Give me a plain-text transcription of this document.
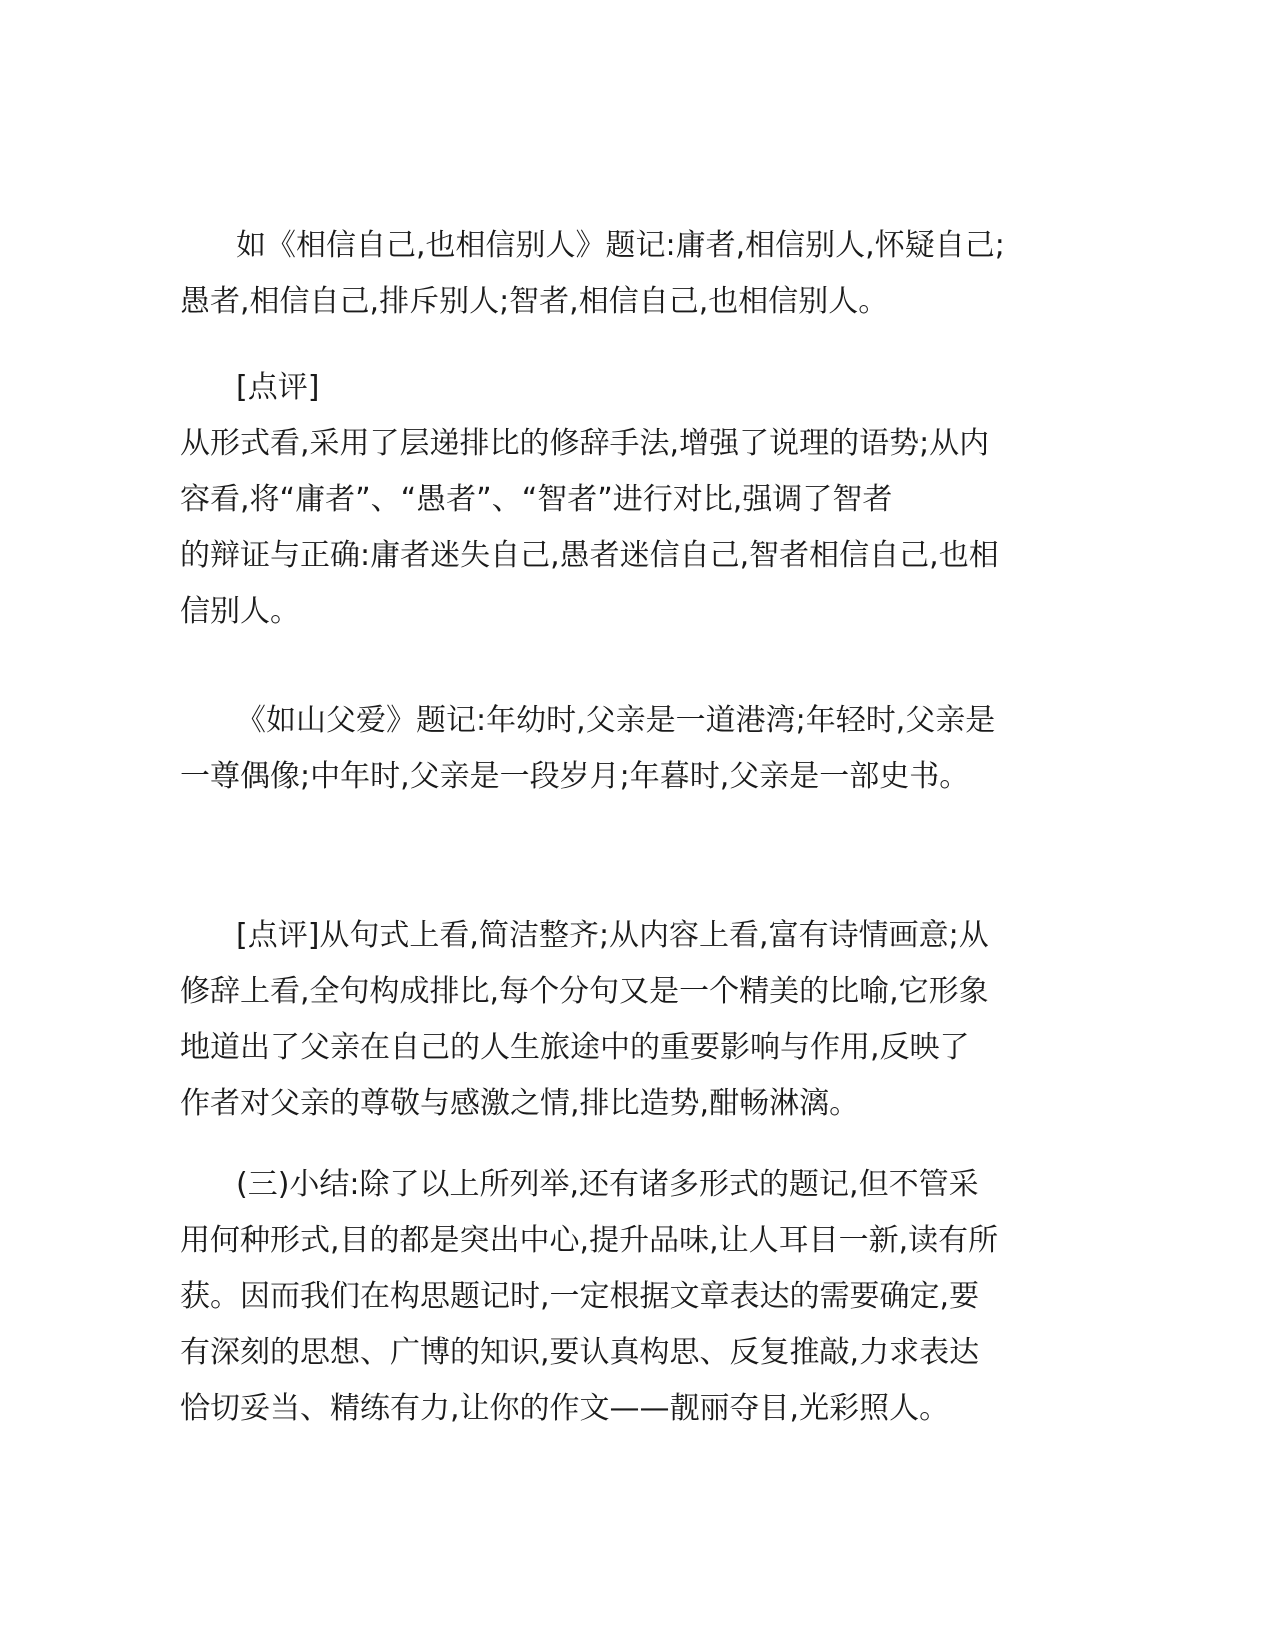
如《相信自己,也相信别人》题记:庸者,相信别人,怀疑自己;
愚者,相信自己,排斥别人;智者,相信自己,也相信别人。

[点评]
从形式看,采用了层递排比的修辞手法,增强了说理的语势;从内
容看,将“庸者”、“愚者”、“智者”进行对比,强调了智者
的辩证与正确:庸者迷失自己,愚者迷信自己,智者相信自己,也相
信别人。

《如山父爱》题记:年幼时,父亲是一道港湾;年轻时,父亲是
一尊偶像;中年时,父亲是一段岁月;年暮时,父亲是一部史书。

[点评]从句式上看,简洁整齐;从内容上看,富有诗情画意;从
修辞上看,全句构成排比,每个分句又是一个精美的比喻,它形象
地道出了父亲在自己的人生旅途中的重要影响与作用,反映了
作者对父亲的尊敬与感激之情,排比造势,酣畅淋漓。

(三)小结:除了以上所列举,还有诸多形式的题记,但不管采
用何种形式,目的都是突出中心,提升品味,让人耳目一新,读有所
获。因而我们在构思题记时,一定根据文章表达的需要确定,要
有深刻的思想、广博的知识,要认真构思、反复推敲,力求表达
恰切妥当、精练有力,让你的作文——靓丽夺目,光彩照人。
